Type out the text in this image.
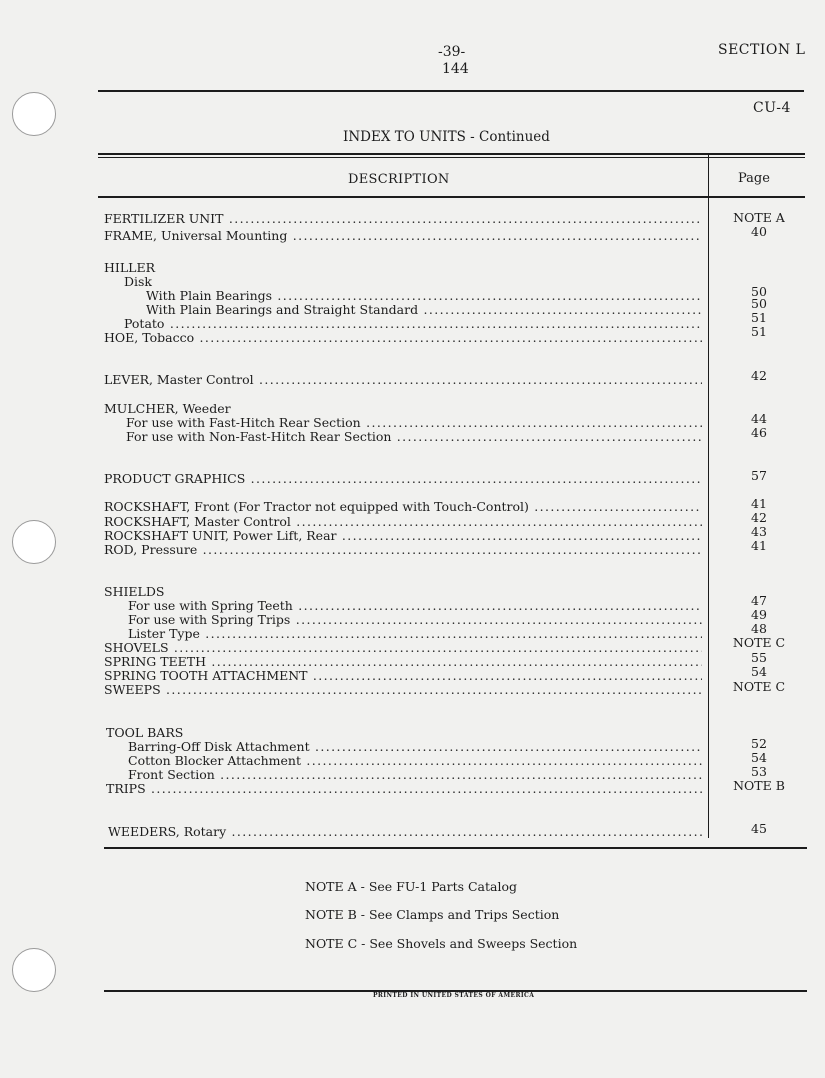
-39-
144
SECTION L
CU-4
INDEX TO UNITS - Continued
DESCRIPTION	Page
FERTILIZER UNIT .....	NOTE A
FRAME, Universal Mounting .....	40
HILLER
Disk
With Plain Bearings .....	50
With Plain Bearings and Straight Standard .....	50
Potato .....	51
HOE, Tobacco .....	51
LEVER, Master Control .....	42
MULCHER, Weeder
For use with Fast-Hitch Rear Section .....	44
For use with Non-Fast-Hitch Rear Section .....	46
PRODUCT GRAPHICS .....	57
ROCKSHAFT, Front (For Tractor not equipped with Touch-Control) .....	41
ROCKSHAFT, Master Control .....	42
ROCKSHAFT UNIT, Power Lift, Rear .....	43
ROD, Pressure .....	41
SHIELDS
For use with Spring Teeth .....	47
For use with Spring Trips .....	49
Lister Type .....	48
SHOVELS .....	NOTE C
SPRING TEETH .....	55
SPRING TOOTH ATTACHMENT .....	54
SWEEPS .....	NOTE C
TOOL BARS
Barring-Off Disk Attachment .....	52
Cotton Blocker Attachment .....	54
Front Section .....	53
TRIPS .....	NOTE B
WEEDERS, Rotary .....	45
NOTE A - See FU-1 Parts Catalog
NOTE B - See Clamps and Trips Section
NOTE C - See Shovels and Sweeps Section
PRINTED IN UNITED STATES OF AMERICA
